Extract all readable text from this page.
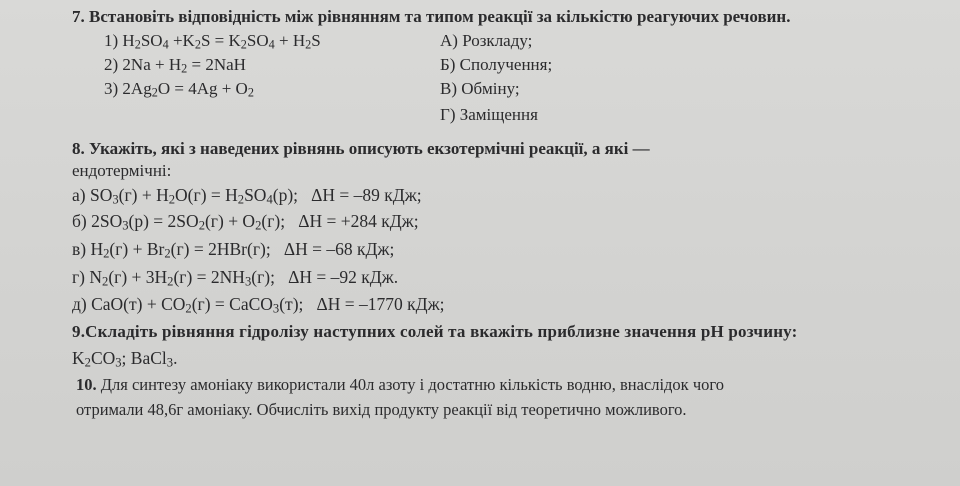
7. Встановіть відповідність між рівнянням та типом реакції за кількістю реагуючих речовин.
1) $H_2SO_4 +K_2S = K_2SO_4 + H_2S$
2) $2Na + H_2 = 2NaH$
3) $2Ag_2O = 4Ag + O_2$
А) Розкладу;
Б) Сполучення;
В) Обміну;
Г) Заміщення
8. Укажіть, які з наведених рівнянь описують екзотермічні реакції, а які —
ендотермічні:
а) $SO_3(г) + H_2O(г) = H_2SO_4(р)$;   ΔH = –89 кДж;
б) $2SO_3(р) = 2SO_2(г) + O_2(г)$;   ΔH = +284 кДж;
в) $H_2(г) + Br_2(г) = 2HBr(г)$;   ΔH = –68 кДж;
г) $N_2(г) + 3H_2(г) = 2NH_3(г)$;   ΔH = –92 кДж.
д) $CaO(т) + CO_2(г)$ = CaCO$_3$(т);   ΔH = –1770 кДж;
9.Складіть рівняння гідролізу наступних солей та вкажіть приблизне значення pH розчину:
$K_2CO_3$; BaCl$_3$.
10. Для синтезу амоніаку використали 40л азоту і достатню кількість водню, внаслідок чого
отримали 48,6г амоніаку. Обчисліть вихід продукту реакції від теоретично можливого.
